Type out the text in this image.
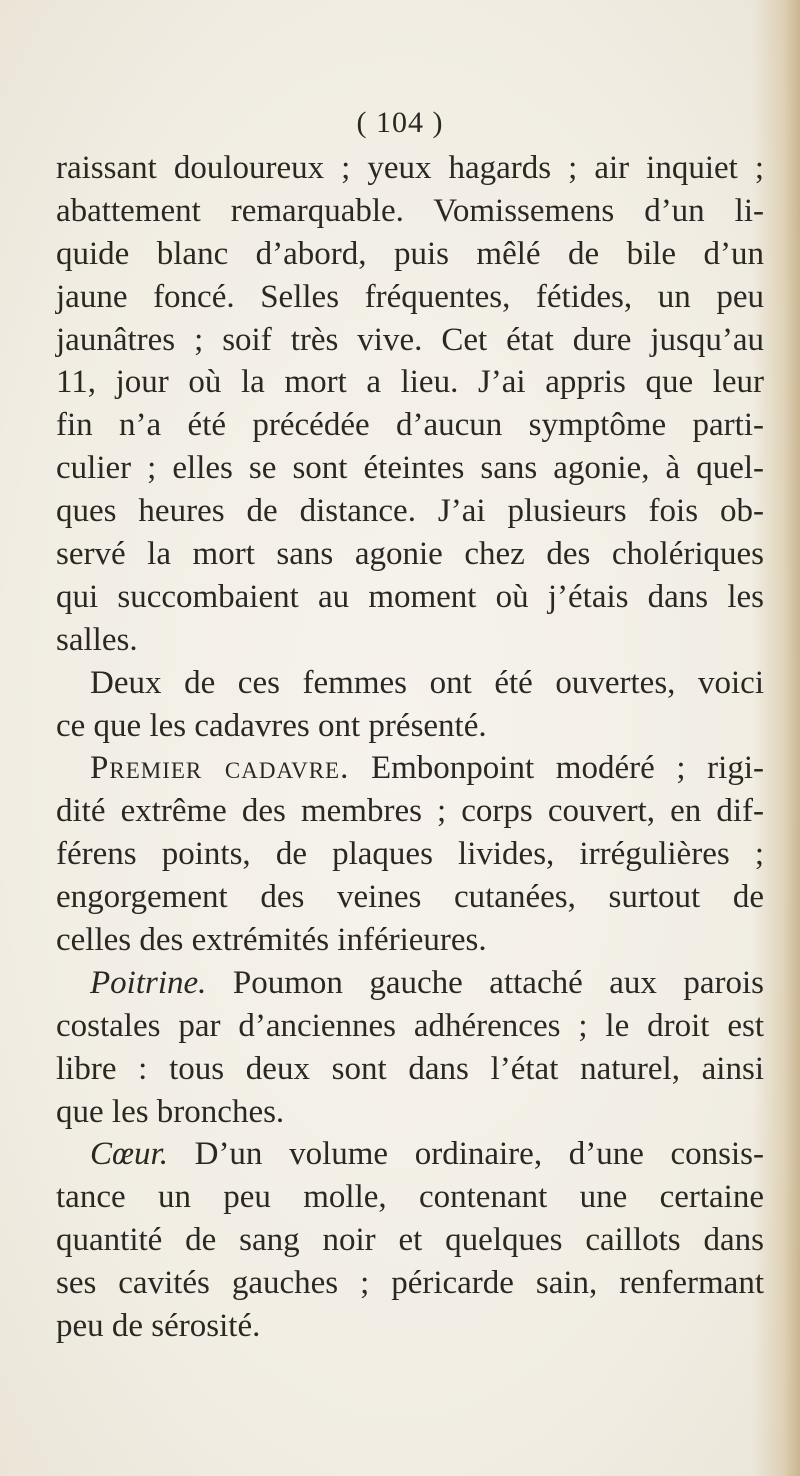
( 104 )
raissant douloureux ; yeux hagards ; air inquiet ;
abattement remarquable. Vomissemens d’un li-
quide blanc d’abord, puis mêlé de bile d’un
jaune foncé. Selles fréquentes, fétides, un peu
jaunâtres ; soif très vive. Cet état dure jusqu’au
11, jour où la mort a lieu. J’ai appris que leur
fin n’a été précédée d’aucun symptôme parti-
culier ; elles se sont éteintes sans agonie, à quel-
ques heures de distance. J’ai plusieurs fois ob-
servé la mort sans agonie chez des cholériques
qui succombaient au moment où j’étais dans les
salles.
Deux de ces femmes ont été ouvertes, voici
ce que les cadavres ont présenté.
Premier cadavre. Embonpoint modéré ; rigi-
dité extrême des membres ; corps couvert, en dif-
férens points, de plaques livides, irrégulières ;
engorgement des veines cutanées, surtout de
celles des extrémités inférieures.
Poitrine. Poumon gauche attaché aux parois
costales par d’anciennes adhérences ; le droit est
libre : tous deux sont dans l’état naturel, ainsi
que les bronches.
Cœur. D’un volume ordinaire, d’une consis-
tance un peu molle, contenant une certaine
quantité de sang noir et quelques caillots dans
ses cavités gauches ; péricarde sain, renfermant
peu de sérosité.
